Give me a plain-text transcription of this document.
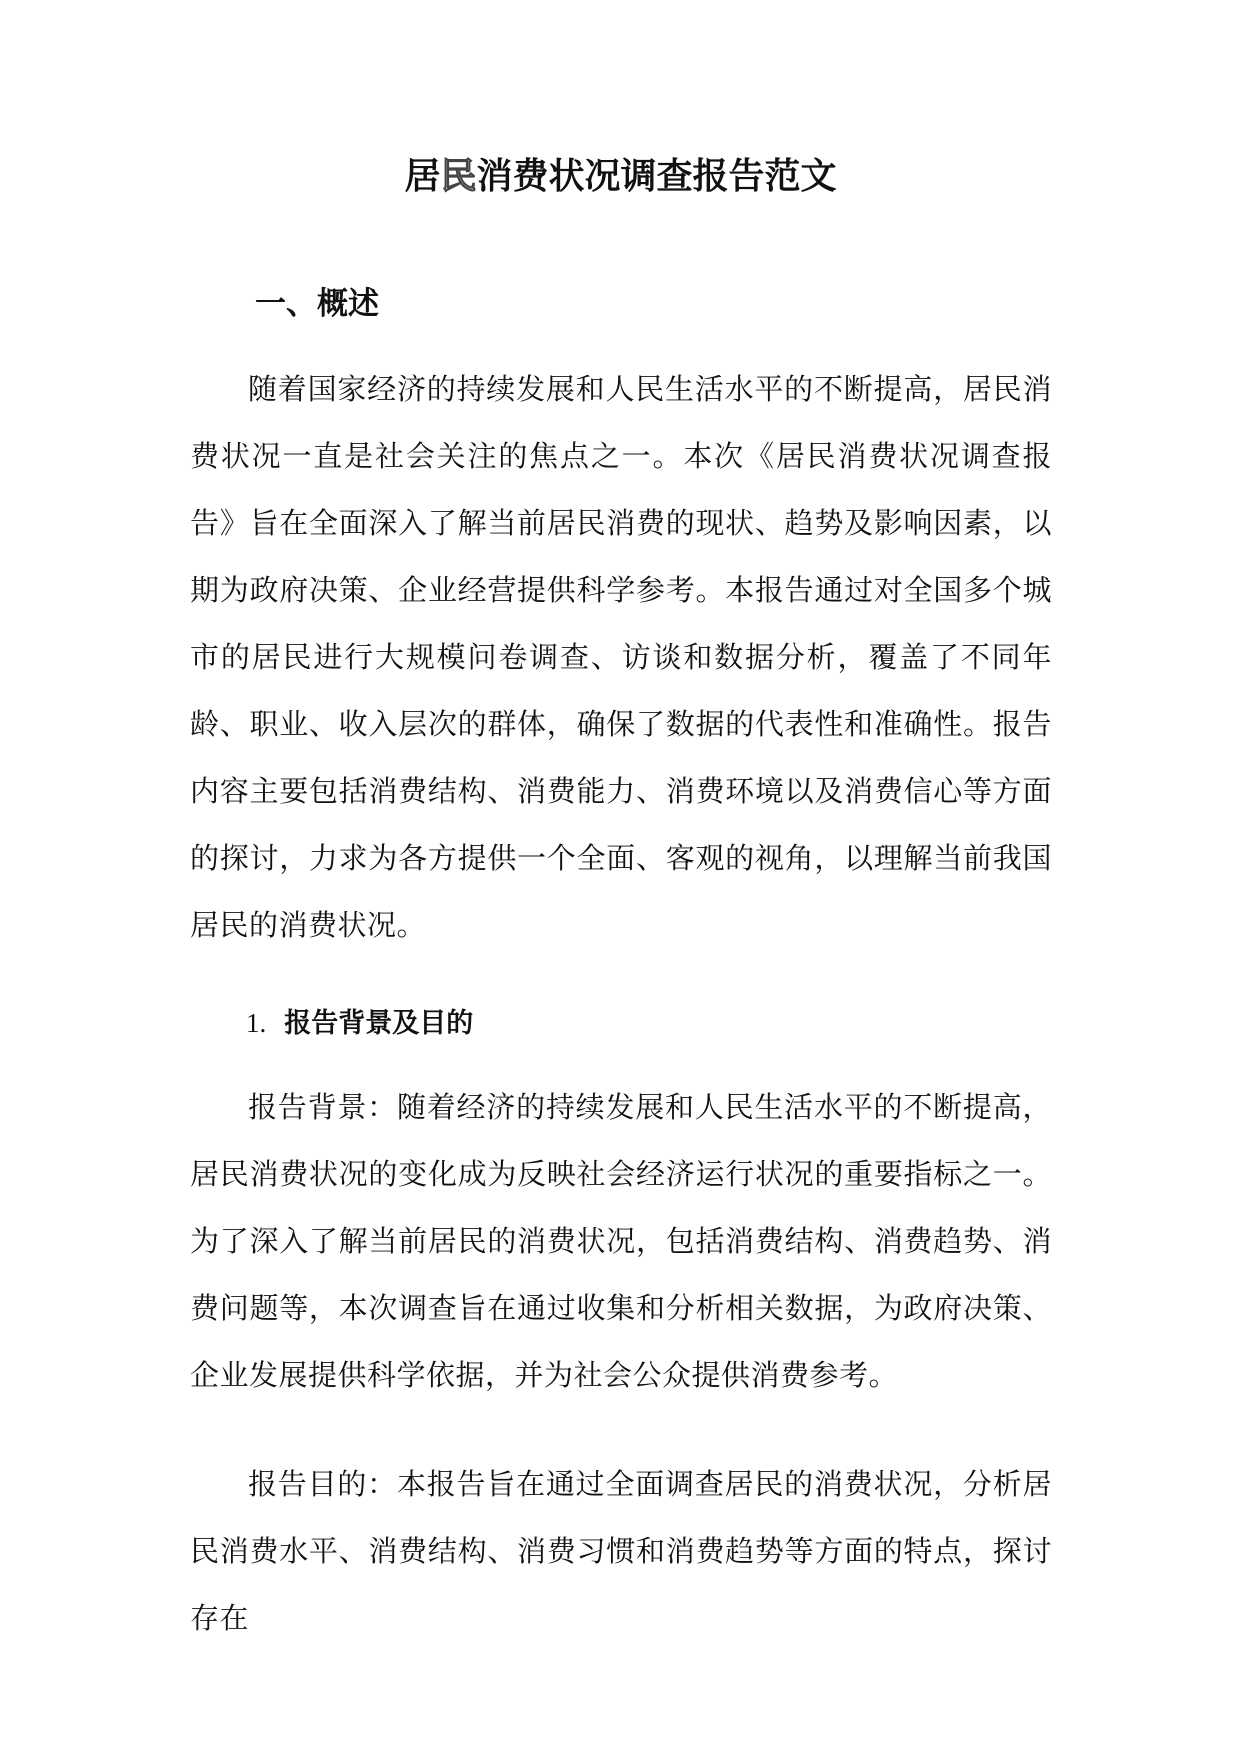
居民消费状况调查报告范文
一、概述

随着国家经济的持续发展和人民生活水平的不断提高，居民消费状况一直是社会关注的焦点之一。本次《居民消费状况调查报告》旨在全面深入了解当前居民消费的现状、趋势及影响因素，以期为政府决策、企业经营提供科学参考。本报告通过对全国多个城市的居民进行大规模问卷调查、访谈和数据分析，覆盖了不同年龄、职业、收入层次的群体，确保了数据的代表性和准确性。报告内容主要包括消费结构、消费能力、消费环境以及消费信心等方面的探讨，力求为各方提供一个全面、客观的视角，以理解当前我国居民的消费状况。

1. 报告背景及目的

报告背景：随着经济的持续发展和人民生活水平的不断提高，居民消费状况的变化成为反映社会经济运行状况的重要指标之一。为了深入了解当前居民的消费状况，包括消费结构、消费趋势、消费问题等，本次调查旨在通过收集和分析相关数据，为政府决策、企业发展提供科学依据，并为社会公众提供消费参考。

报告目的：本报告旨在通过全面调查居民的消费状况，分析居民消费水平、消费结构、消费习惯和消费趋势等方面的特点，探讨存在
